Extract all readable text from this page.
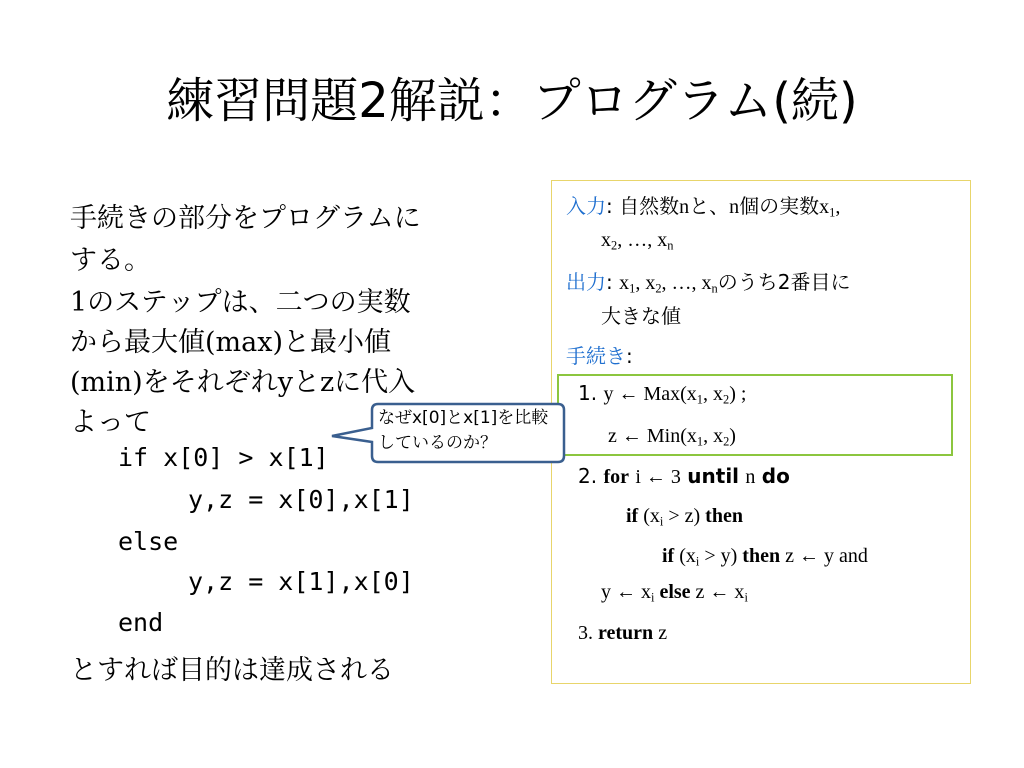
練習問題2解説：プログラム(続)
手続きの部分をプログラムに
する。
1のステップは、二つの実数
から最大値(max)と最小値
(min)をそれぞれyとzに代入
よって
if x[0] > x[1]
y,z = x[0],x[1]
else
y,z = x[1],x[0]
end
とすれば目的は達成される
入力: 自然数nと、n個の実数$x_1$,
$x_2$, …, $x_n$
出力: $x_1$, $x_2$, …, $x_n$のうち2番目に
大きな値
手続き:
1. y ← $Max(x_1$, $x_2$) ;
z ← $Min(x_1$, $x_2$)
2. for i ← 3 until n do
if $(x_i > z)$ then
if $(x_i > y)$ then z ← y and
y ← $x_i$ else z ← $x_i$
3. return z
なぜx[0]とx[1]を比較しているのか？
